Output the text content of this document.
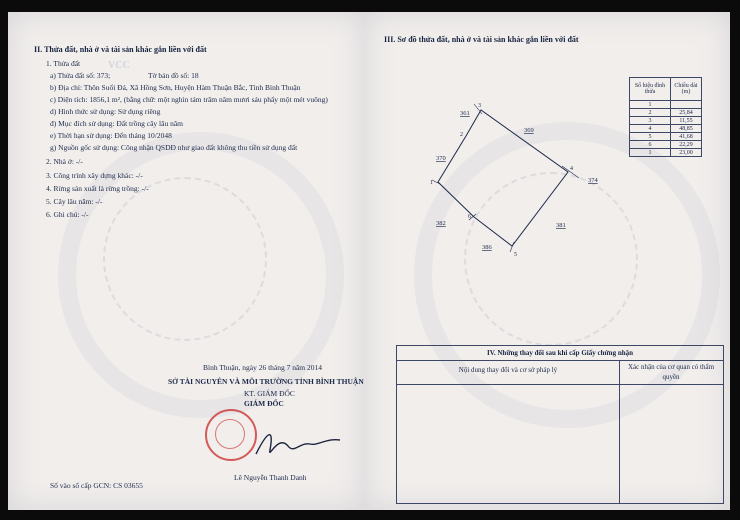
VCC
II. Thửa đất, nhà ở và tài sản khác gắn liền với đất
1. Thửa đất
a) Thửa đất số: 373;	Tờ bản đồ số: 18
b) Địa chỉ: Thôn Suối Đá, Xã Hồng Sơn, Huyện Hàm Thuận Bắc, Tỉnh Bình Thuận
c) Diện tích: 1856,1 m², (bằng chữ: một nghìn tám trăm năm mươi sáu phẩy một mét vuông)
d) Hình thức sử dụng: Sử dụng riêng
đ) Mục đích sử dụng: Đất trồng cây lâu năm
e) Thời hạn sử dụng: Đến tháng 10/2048
g) Nguồn gốc sử dụng: Công nhận QSDĐ như giao đất không thu tiền sử dụng đất
2. Nhà ở: -/-
3. Công trình xây dựng khác: -/-
4. Rừng sản xuất là rừng trồng: -/-
5. Cây lâu năm: -/-
6. Ghi chú: -/-
Bình Thuận, ngày 26 tháng 7 năm 2014
SỞ TÀI NGUYÊN VÀ MÔI TRƯỜNG TỈNH BÌNH THUẬN
KT. GIÁM ĐỐC
GIÁM ĐỐC
Lê Nguyễn Thanh Danh
Số vào sổ cấp GCN: CS 03655
III. Sơ đồ thửa đất, nhà ở và tài sản khác gắn liền với đất
Số hiệu đỉnh thửa	Chiều dài (m)
1	
2	25,84
3	11,55
4	48,85
5	41,68
6	22,29
1	23,00
361
369
370
374
382	381
386
1
2
3
4
5
6
IV. Những thay đổi sau khi cấp Giấy chứng nhận
Nội dung thay đổi và cơ sở pháp lý	Xác nhận của cơ quan có thẩm quyền
